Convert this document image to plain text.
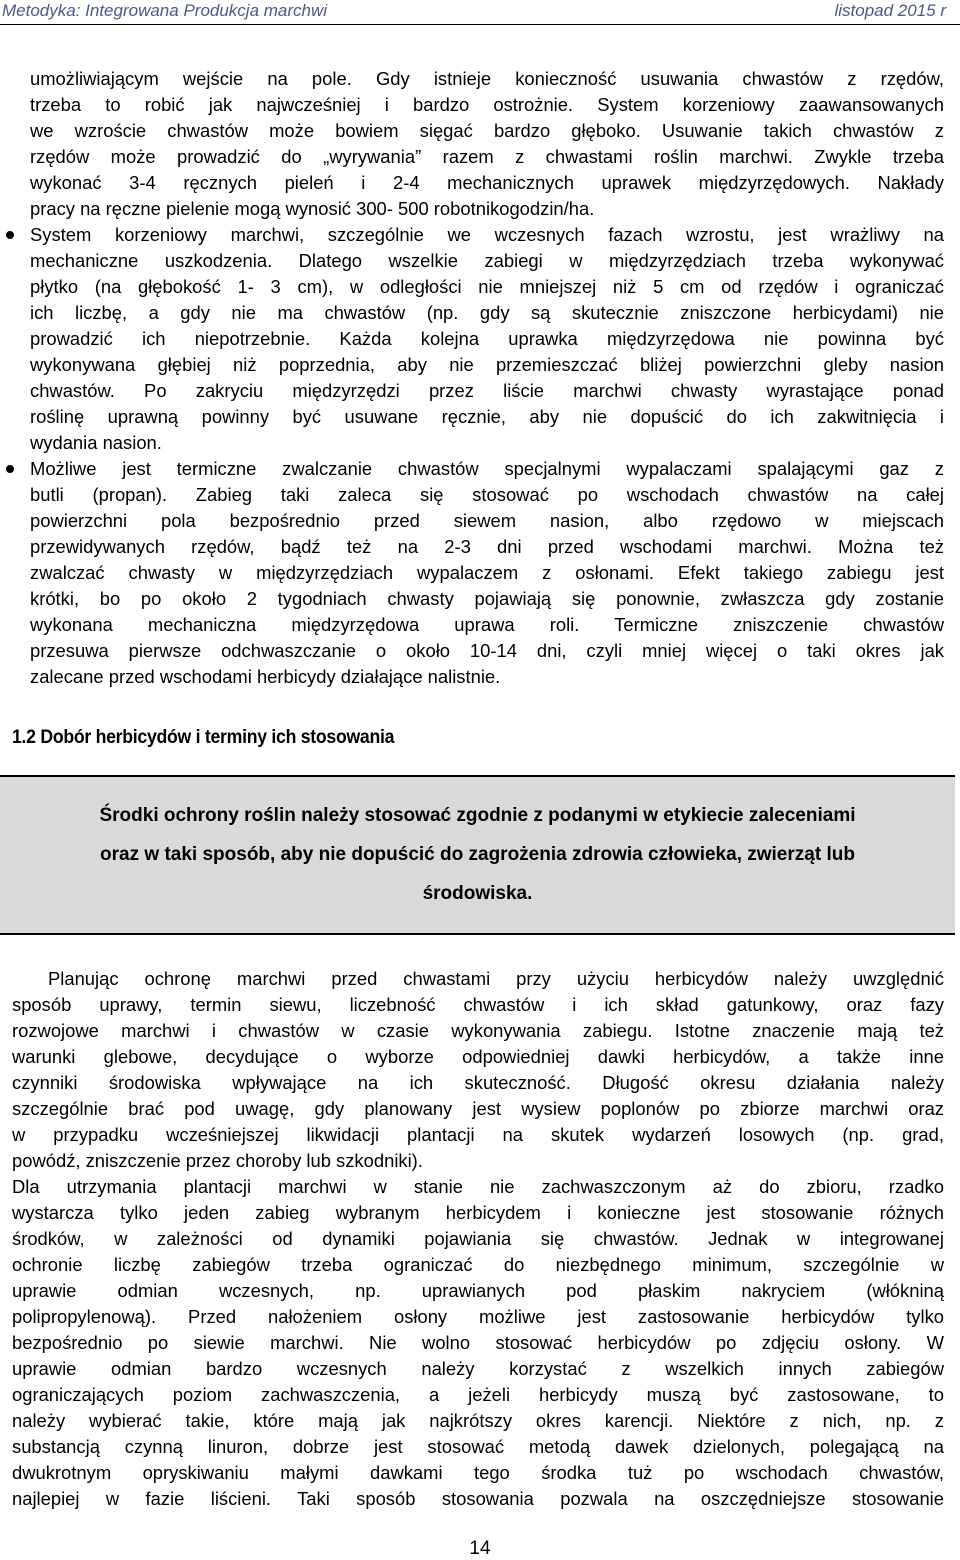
Metodyka: Integrowana Produkcja marchwi	listopad 2015 r

umożliwiającym wejście na pole. Gdy istnieje konieczność usuwania chwastów z rzędów,

trzeba to robić jak najwcześniej i bardzo ostrożnie. System korzeniowy zaawansowanych

we wzroście chwastów może bowiem sięgać bardzo głęboko. Usuwanie takich chwastów z

rzędów może prowadzić do „wyrywania” razem z chwastami roślin marchwi. Zwykle trzeba

wykonać 3-4 ręcznych pieleń i 2-4 mechanicznych uprawek międzyrzędowych. Nakłady

pracy na ręczne pielenie mogą wynosić 300- 500 robotnikogodzin/ha.

System korzeniowy marchwi, szczególnie we wczesnych fazach wzrostu, jest wrażliwy na

mechaniczne uszkodzenia. Dlatego wszelkie zabiegi w międzyrzędziach trzeba wykonywać

płytko (na głębokość 1- 3 cm), w odległości nie mniejszej niż 5 cm od rzędów i ograniczać

ich liczbę, a gdy nie ma chwastów (np. gdy są skutecznie zniszczone herbicydami) nie

prowadzić ich niepotrzebnie. Każda kolejna uprawka międzyrzędowa nie powinna być

wykonywana głębiej niż poprzednia, aby nie przemieszczać bliżej powierzchni gleby nasion

chwastów. Po zakryciu międzyrzędzi przez liście marchwi chwasty wyrastające ponad

roślinę uprawną powinny być usuwane ręcznie, aby nie dopuścić do ich zakwitnięcia i

wydania nasion.

Możliwe jest termiczne zwalczanie chwastów specjalnymi wypalaczami spalającymi gaz z

butli (propan). Zabieg taki zaleca się stosować po wschodach chwastów na całej

powierzchni pola bezpośrednio przed siewem nasion, albo rzędowo w miejscach

przewidywanych rzędów, bądź też na 2-3 dni przed wschodami marchwi. Można też

zwalczać chwasty w międzyrzędziach wypalaczem z osłonami. Efekt takiego zabiegu jest

krótki, bo po około 2 tygodniach chwasty pojawiają się ponownie, zwłaszcza gdy zostanie

wykonana mechaniczna międzyrzędowa uprawa roli. Termiczne zniszczenie chwastów

przesuwa pierwsze odchwaszczanie o około 10-14 dni, czyli mniej więcej o taki okres jak

zalecane przed wschodami herbicydy działające nalistnie.

1.2 Dobór herbicydów i terminy ich stosowania
Środki ochrony roślin należy stosować zgodnie z podanymi w etykiecie zaleceniami
oraz w taki sposób, aby nie dopuścić do zagrożenia zdrowia człowieka, zwierząt lub
środowiska.

Planując ochronę marchwi przed chwastami przy użyciu herbicydów należy uwzględnić

sposób uprawy, termin siewu, liczebność chwastów i ich skład gatunkowy, oraz fazy

rozwojowe marchwi i chwastów w czasie wykonywania zabiegu. Istotne znaczenie mają też

warunki glebowe, decydujące o wyborze odpowiedniej dawki herbicydów, a także inne

czynniki środowiska wpływające na ich skuteczność. Długość okresu działania należy

szczególnie brać pod uwagę, gdy planowany jest wysiew poplonów po zbiorze marchwi oraz

w przypadku wcześniejszej likwidacji plantacji na skutek wydarzeń losowych (np. grad,

powódź, zniszczenie przez choroby lub szkodniki).

Dla utrzymania plantacji marchwi w stanie nie zachwaszczonym aż do zbioru, rzadko

wystarcza tylko jeden zabieg wybranym herbicydem i konieczne jest stosowanie różnych

środków, w zależności od dynamiki pojawiania się chwastów. Jednak w integrowanej

ochronie liczbę zabiegów trzeba ograniczać do niezbędnego minimum, szczególnie w

uprawie odmian wczesnych, np. uprawianych pod płaskim nakryciem (włókniną

polipropylenową). Przed nałożeniem osłony możliwe jest zastosowanie herbicydów tylko

bezpośrednio po siewie marchwi. Nie wolno stosować herbicydów po zdjęciu osłony. W

uprawie odmian bardzo wczesnych należy korzystać z wszelkich innych zabiegów

ograniczających poziom zachwaszczenia, a jeżeli herbicydy muszą być zastosowane, to

należy wybierać takie, które mają jak najkrótszy okres karencji. Niektóre z nich, np. z

substancją czynną linuron, dobrze jest stosować metodą dawek dzielonych, polegającą na

dwukrotnym opryskiwaniu małymi dawkami tego środka tuż po wschodach chwastów,

najlepiej w fazie liścieni. Taki sposób stosowania pozwala na oszczędniejsze stosowanie

14
